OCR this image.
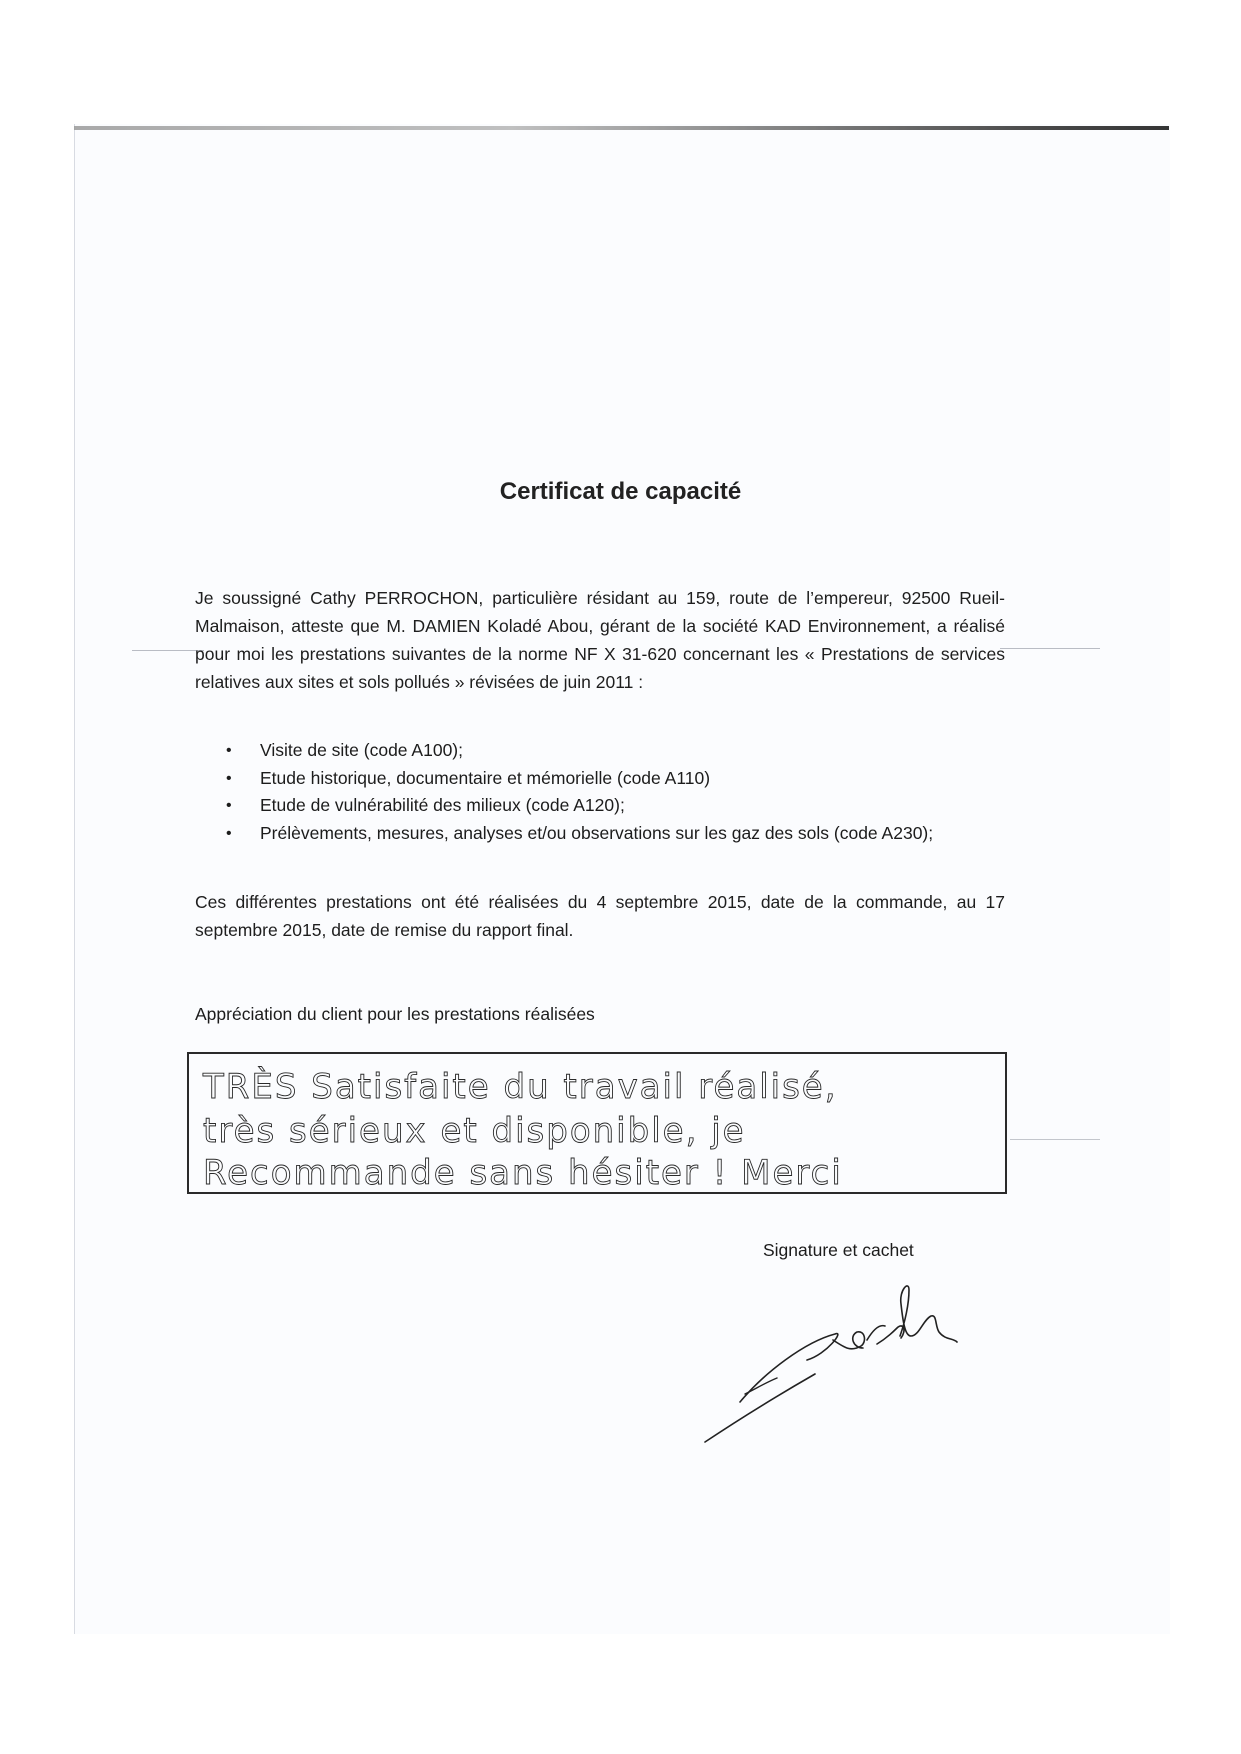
Certificat de capacité
Je soussigné Cathy PERROCHON, particulière résidant au 159, route de l’empereur, 92500 Rueil-Malmaison, atteste que M. DAMIEN Koladé Abou, gérant de la société KAD Environnement, a réalisé pour moi les prestations suivantes de la norme NF X 31-620 concernant les « Prestations de services relatives aux sites et sols pollués » révisées de juin 2011 :
• Visite de site (code A100);
• Etude historique, documentaire et mémorielle (code A110)
• Etude de vulnérabilité des milieux (code A120);
• Prélèvements, mesures, analyses et/ou observations sur les gaz des sols (code A230);
Ces différentes prestations ont été réalisées du 4 septembre 2015, date de la commande, au 17 septembre 2015, date de remise du rapport final.
Appréciation du client pour les prestations réalisées
TRÈS Satisfaite du travail réalisé,
très sérieux et disponible, je
Recommande sans hésiter ! Merci
Signature et cachet
